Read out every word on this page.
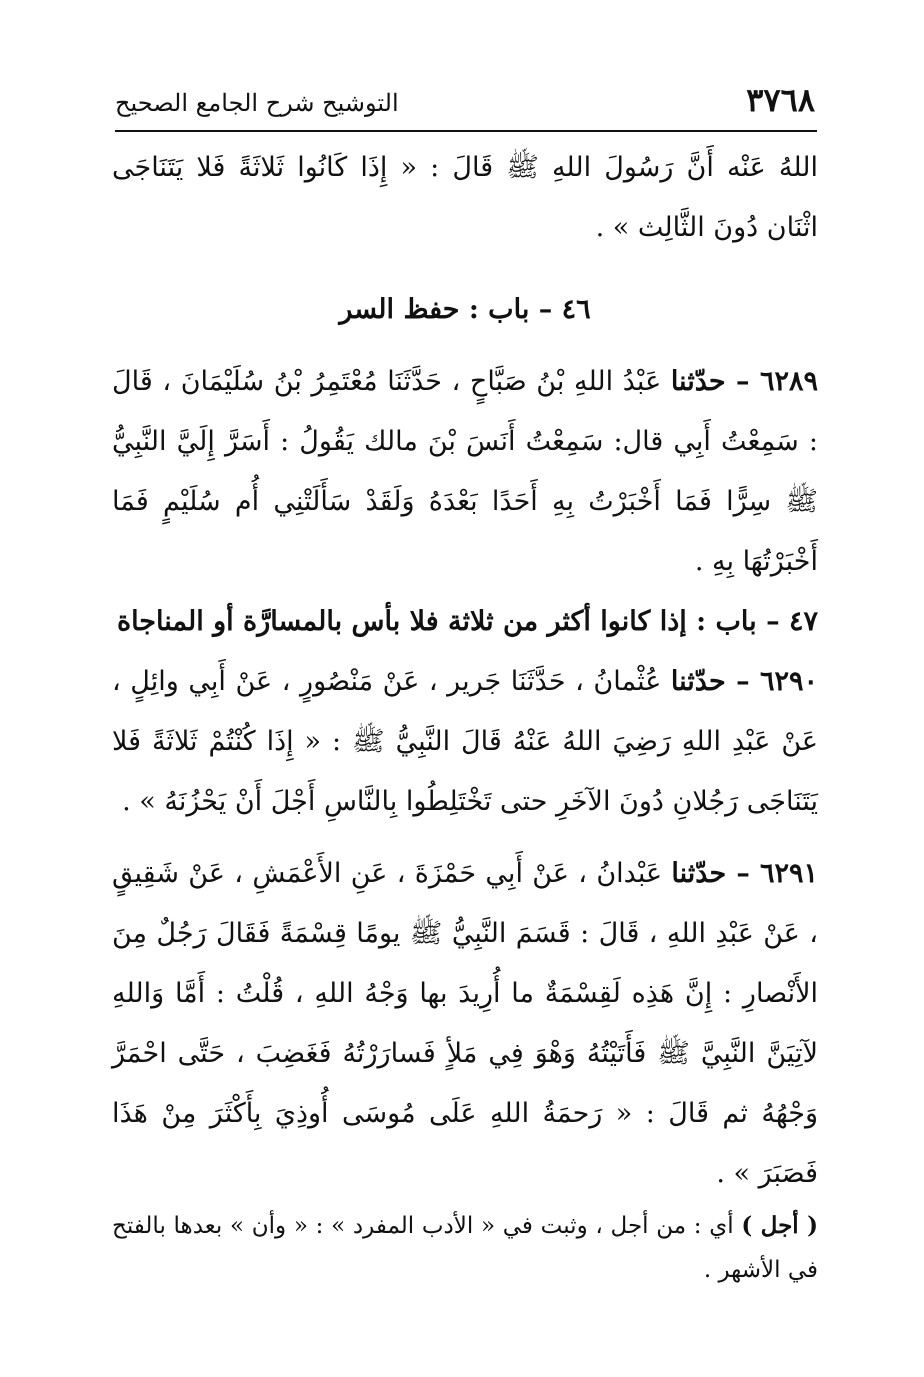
٣٧٦٨
التوشيح شرح الجامع الصحيح

اللهُ عَنْه أَنَّ رَسُولَ اللهِ ﷺ قَالَ : « إِذَا كَانُوا ثَلاثَةً فَلا يَتَنَاجَى اثْنَان دُونَ الثَّالِث » .

٤٦ – باب : حفظ السر

٦٢٨٩ – حدّثنا عَبْدُ اللهِ بْنُ صَبَّاحٍ ، حَدَّثَنَا مُعْتَمِرُ بْنُ سُلَيْمَانَ ، قَالَ : سَمِعْتُ أَبِي قال: سَمِعْتُ أَنَسَ بْنَ مالك يَقُولُ : أَسَرَّ إِلَيَّ النَّبِيُّ ﷺ سِرًّا فَمَا أَخْبَرْتُ بِهِ أَحَدًا بَعْدَهُ وَلَقَدْ سَأَلَتْنِي أُم سُلَيْمٍ فَمَا أَخْبَرْتُهَا بِهِ .

٤٧ – باب : إذا كانوا أكثر من ثلاثة فلا بأس بالمسارَّة أو المناجاة

٦٢٩٠ – حدّثنا عُثْمانُ ، حَدَّثَنَا جَرير ، عَنْ مَنْصُورٍ ، عَنْ أَبِي وائِلٍ ، عَنْ عَبْدِ اللهِ رَضِيَ اللهُ عَنْهُ قَالَ النَّبِيُّ ﷺ : « إِذَا كُنْتُمْ ثَلاثَةً فَلا يَتَنَاجَى رَجُلانِ دُونَ الآخَرِ حتى تَخْتَلِطُوا بِالنَّاسِ أَجْلَ أَنْ يَحْزُنَهُ » .

٦٢٩١ – حدّثنا عَبْدانُ ، عَنْ أَبِي حَمْزَةَ ، عَنِ الأَعْمَشِ ، عَنْ شَقِيقٍ ، عَنْ عَبْدِ اللهِ ، قَالَ : قَسَمَ النَّبِيُّ ﷺ يومًا قِسْمَةً فَقَالَ رَجُلٌ مِنَ الأَنْصارِ : إِنَّ هَذِه لَقِسْمَةٌ ما أُرِيدَ بها وَجْهُ اللهِ ، قُلْتُ : أَمَّا وَاللهِ لآتِيَنَّ النَّبِيَّ ﷺ فَأَتَيْتُهُ وَهْوَ فِي مَلأٍ فَسارَرْتُهُ فَغَضِبَ ، حَتَّى احْمَرَّ وَجْهُهُ ثم قَالَ : « رَحمَةُ اللهِ عَلَى مُوسَى أُوذِيَ بِأَكْثَرَ مِنْ هَذَا فَصَبَرَ » .

( أجل ) أي : من أجل ، وثبت في « الأدب المفرد » : « وأن » بعدها بالفتح في الأشهر .
